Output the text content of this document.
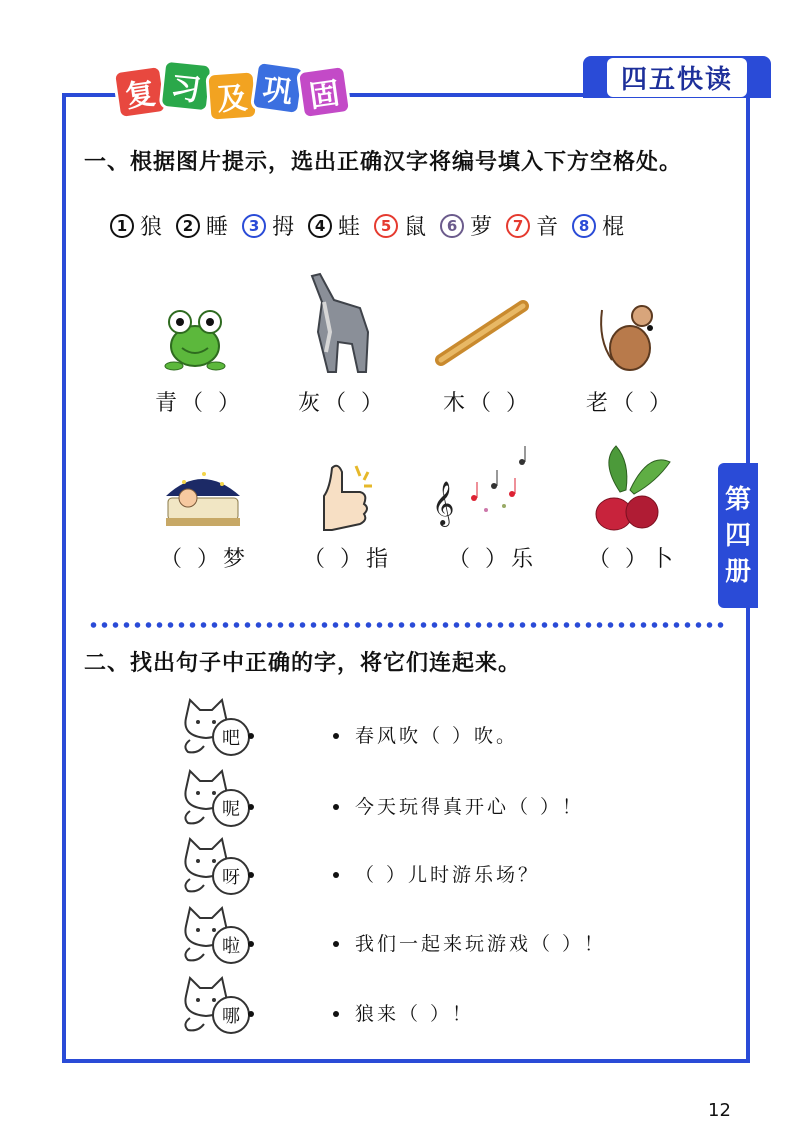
复 习 及 巩 固	四五快读
第
四
册
一、根据图片提示，选出正确汉字将编号填入下方空格处。
1 狼	2 睡	3 拇	4 蛙	5 鼠	6 萝	7 音	8 棍
青（ ） 灰（ ）	木（ ） 老（ ）
𝄞
（ ）梦 （ ）指	（ ）乐 （ ）卜
二、找出句子中正确的字，将它们连起来。
吧	春风吹（ ）吹。
呢	今天玩得真开心（ ）！
呀	（ ）儿时游乐场？
啦	我们一起来玩游戏（ ）！
哪	狼来（ ）！
12
